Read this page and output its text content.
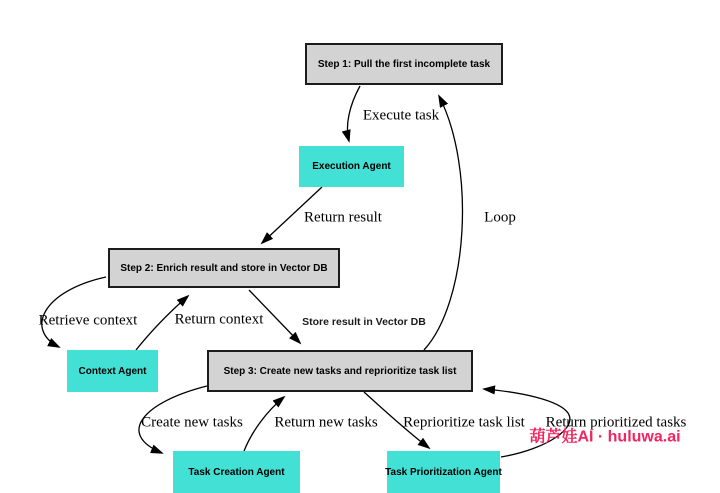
Step 1: Pull the first incomplete task
Execution Agent
Step 2: Enrich result and store in Vector DB
Context Agent	Step 3: Create new tasks and reprioritize task list
Task Creation Agent	Task Prioritization Agent
Execute task
Return result	Loop
Retrieve context Return context	Store result in Vector DB
Create new tasks Return new tasks Reprioritize task list Return prioritized tasks
葫芦娃AI · huluwa.ai
